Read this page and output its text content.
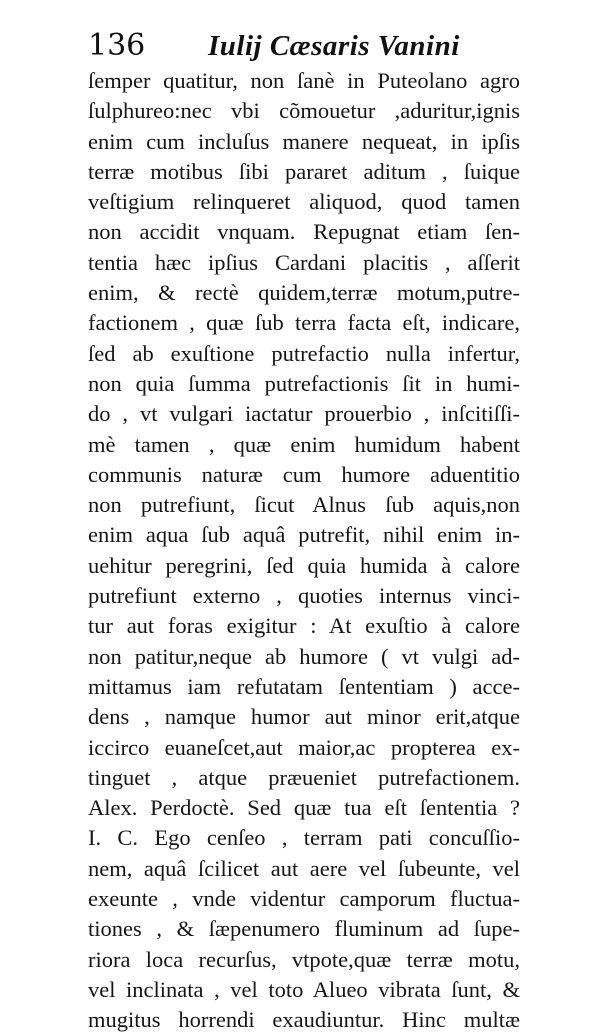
136 Iulij Cæsaris Vanini
ſemper quatitur, non ſanè in Puteolano agro
ſulphureo:nec vbi cõmouetur ,aduritur,ignis
enim cum incluſus manere nequeat, in ipſis
terræ motibus ſibi pararet aditum , ſuique
veſtigium relinqueret aliquod, quod tamen
non accidit vnquam. Repugnat etiam ſen-
tentia hæc ipſius Cardani placitis , aſſerit
enim, & rectè quidem,terræ motum,putre-
factionem , quæ ſub terra facta eſt, indicare,
ſed ab exuſtione putrefactio nulla infertur,
non quia ſumma putrefactionis ſit in humi-
do , vt vulgari iactatur prouerbio , inſcitiſſi-
mè tamen , quæ enim humidum habent
communis naturæ cum humore aduentitio
non putrefiunt, ſicut Alnus ſub aquis,non
enim aqua ſub aquâ putrefit, nihil enim in-
uehitur peregrini, ſed quia humida à calore
putrefiunt externo , quoties internus vinci-
tur aut foras exigitur : At exuſtio à calore
non patitur,neque ab humore ( vt vulgi ad-
mittamus iam refutatam ſententiam ) acce-
dens , namque humor aut minor erit,atque
iccirco euaneſcet,aut maior,ac propterea ex-
tinguet , atque præueniet putrefactionem.
Alex. Perdoctè. Sed quæ tua eſt ſententia ?
I. C. Ego cenſeo , terram pati concuſſio-
nem, aquâ ſcilicet aut aere vel ſubeunte, vel
exeunte , vnde videntur camporum fluctua-
tiones , & ſæpenumero fluminum ad ſupe-
riora loca recurſus, vtpote,quæ terræ motu,
vel inclinata , vel toto Alueo vibrata ſunt, &
mugitus horrendi exaudiuntur. Hinc multæ
